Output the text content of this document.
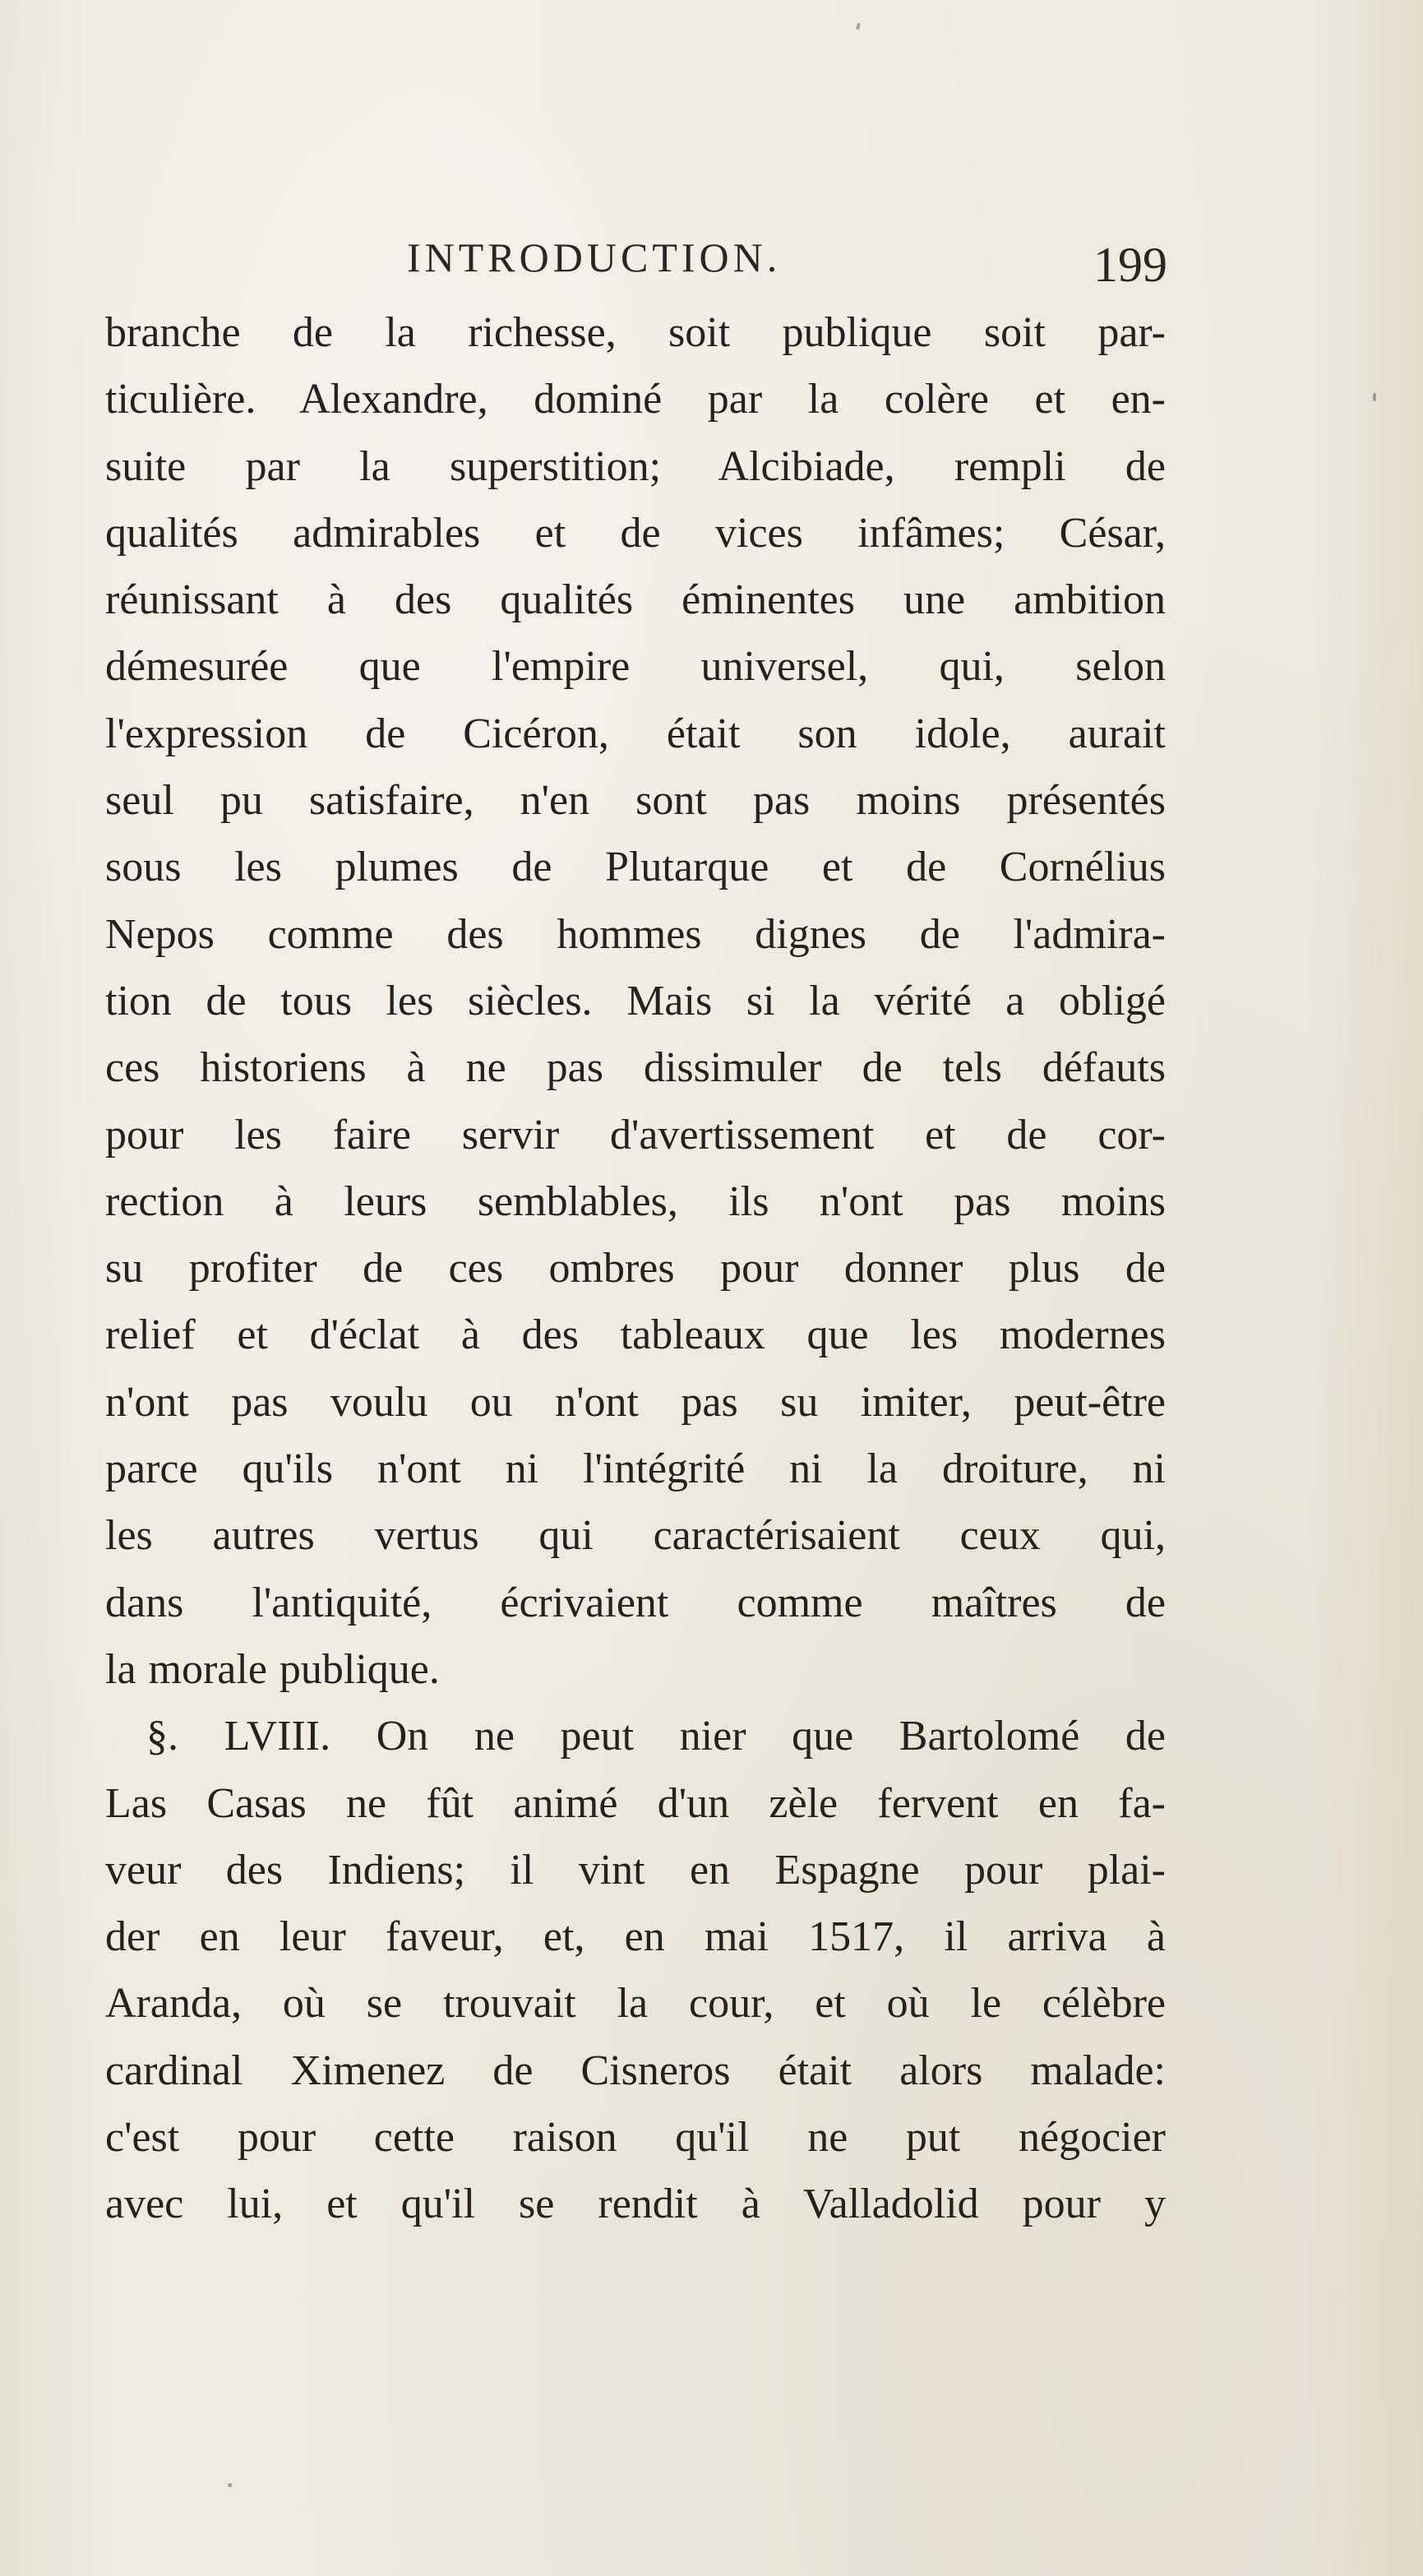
INTRODUCTION.	199
branche de la richesse, soit publique soit par-
ticulière. Alexandre, dominé par la colère et en-
suite par la superstition; Alcibiade, rempli de
qualités admirables et de vices infâmes; César,
réunissant à des qualités éminentes une ambition
démesurée que l'empire universel, qui, selon
l'expression de Cicéron, était son idole, aurait
seul pu satisfaire, n'en sont pas moins présentés
sous les plumes de Plutarque et de Cornélius
Nepos comme des hommes dignes de l'admira-
tion de tous les siècles. Mais si la vérité a obligé
ces historiens à ne pas dissimuler de tels défauts
pour les faire servir d'avertissement et de cor-
rection à leurs semblables, ils n'ont pas moins
su profiter de ces ombres pour donner plus de
relief et d'éclat à des tableaux que les modernes
n'ont pas voulu ou n'ont pas su imiter, peut-être
parce qu'ils n'ont ni l'intégrité ni la droiture, ni
les autres vertus qui caractérisaient ceux qui,
dans l'antiquité, écrivaient comme maîtres de
la morale publique.
§. LVIII. On ne peut nier que Bartolomé de
Las Casas ne fût animé d'un zèle fervent en fa-
veur des Indiens; il vint en Espagne pour plai-
der en leur faveur, et, en mai 1517, il arriva à
Aranda, où se trouvait la cour, et où le célèbre
cardinal Ximenez de Cisneros était alors malade:
c'est pour cette raison qu'il ne put négocier
avec lui, et qu'il se rendit à Valladolid pour y
